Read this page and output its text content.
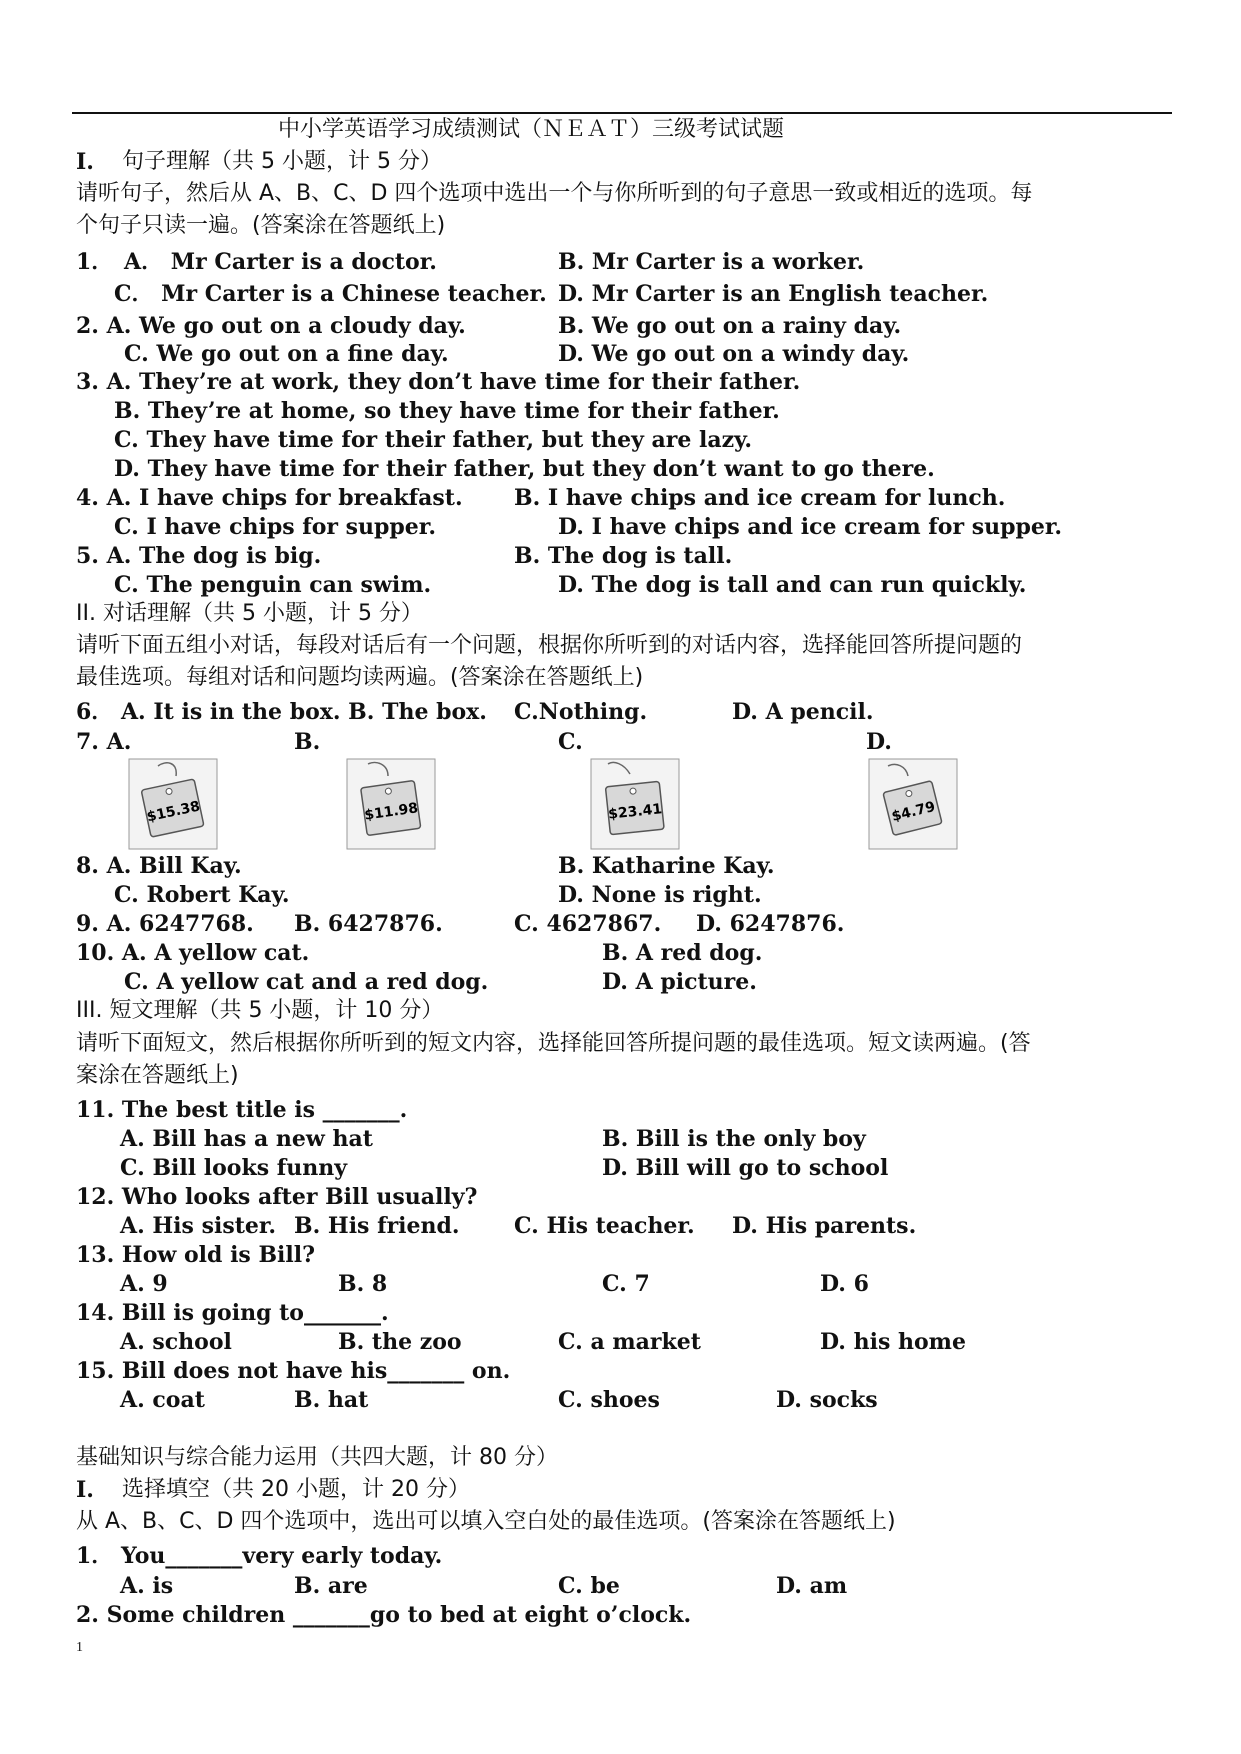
中小学英语学习成绩测试（ＮＥＡＴ）三级考试试题
I. 句子理解（共 5 小题，计 5 分）
请听句子，然后从 A、B、C、D 四个选项中选出一个与你所听到的句子意思一致或相近的选项。每
个句子只读一遍。(答案涂在答题纸上)
1． A． Mr Carter is a doctor.	B. Mr Carter is a worker.
C． Mr Carter is a Chinese teacher. D. Mr Carter is an English teacher.
2. A. We go out on a cloudy day.	B. We go out on a rainy day.
C. We go out on a fine day.	D. We go out on a windy day.
3. A. They’re at work, they don’t have time for their father.
B. They’re at home, so they have time for their father.
C. They have time for their father, but they are lazy.
D. They have time for their father, but they don’t want to go there.
4. A. I have chips for breakfast. B. I have chips and ice cream for lunch.
C. I have chips for supper.	D. I have chips and ice cream for supper.
5. A. The dog is big.	B. The dog is tall.
C. The penguin can swim.	D. The dog is tall and can run quickly.
II. 对话理解（共 5 小题，计 5 分）
请听下面五组小对话，每段对话后有一个问题，根据你所听到的对话内容，选择能回答所提问题的
最佳选项。每组对话和问题均读两遍。(答案涂在答题纸上)
6． A. It is in the box. B. The box. C.Nothing.	D. A pencil.
7. A.	B.	C.	D.
$15.38	$11.98	$23.41	$4.79
8. A. Bill Kay.	B. Katharine Kay.
C. Robert Kay.	D. None is right.
9. A. 6247768. B. 6427876.	C. 4627867. D. 6247876.
10. A. A yellow cat.	B. A red dog.
C. A yellow cat and a red dog.	D. A picture.
III. 短文理解（共 5 小题，计 10 分）
请听下面短文，然后根据你所听到的短文内容，选择能回答所提问题的最佳选项。短文读两遍。(答
案涂在答题纸上)
11. The best title is _______.
A. Bill has a new hat	B. Bill is the only boy
C. Bill looks funny	D. Bill will go to school
12. Who looks after Bill usually?
A. His sister. B. His friend. C. His teacher. D. His parents.
13. How old is Bill?
A. 9	B. 8	C. 7	D. 6
14. Bill is going to_______.
A. school	B. the zoo	C. a market	D. his home
15. Bill does not have his_______ on.
A. coat	B. hat	C. shoes	D. socks
基础知识与综合能力运用（共四大题，计 80 分）
I. 选择填空（共 20 小题，计 20 分）
从 A、B、C、D 四个选项中，选出可以填入空白处的最佳选项。(答案涂在答题纸上)
1． You_______very early today.
A. is	B. are	C. be	D. am
2. Some children _______go to bed at eight o’clock.
1
